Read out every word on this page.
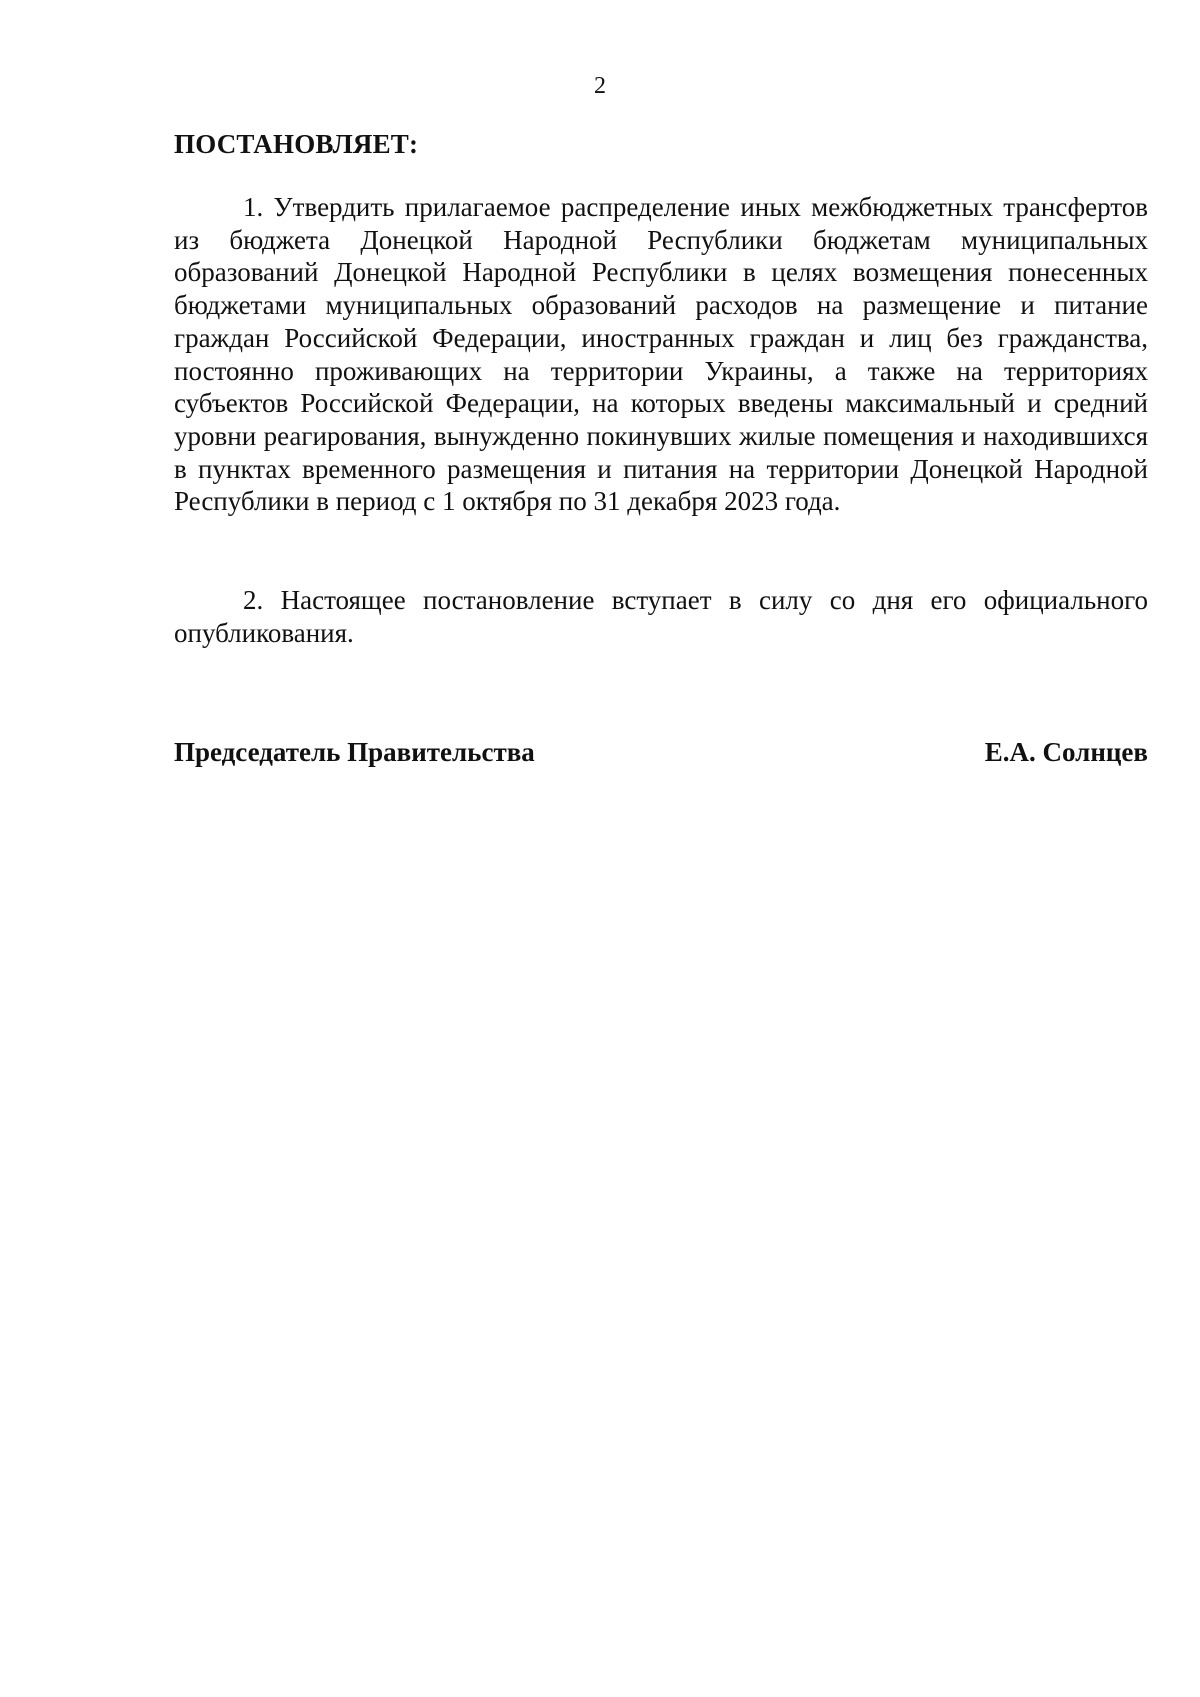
2
ПОСТАНОВЛЯЕТ:

1. Утвердить прилагаемое распределение иных межбюджетных трансфертов из бюджета Донецкой Народной Республики бюджетам муниципальных образований Донецкой Народной Республики в целях возмещения понесенных бюджетами муниципальных образований расходов на размещение и питание граждан Российской Федерации, иностранных граждан и лиц без гражданства, постоянно проживающих на территории Украины, а также на территориях субъектов Российской Федерации, на которых введены максимальный и средний уровни реагирования, вынужденно покинувших жилые помещения и находившихся в пунктах временного размещения и питания на территории Донецкой Народной Республики в период с 1 октября по 31 декабря 2023 года.

2. Настоящее постановление вступает в силу со дня его официального опубликования.

Председатель Правительства	Е.А. Солнцев
